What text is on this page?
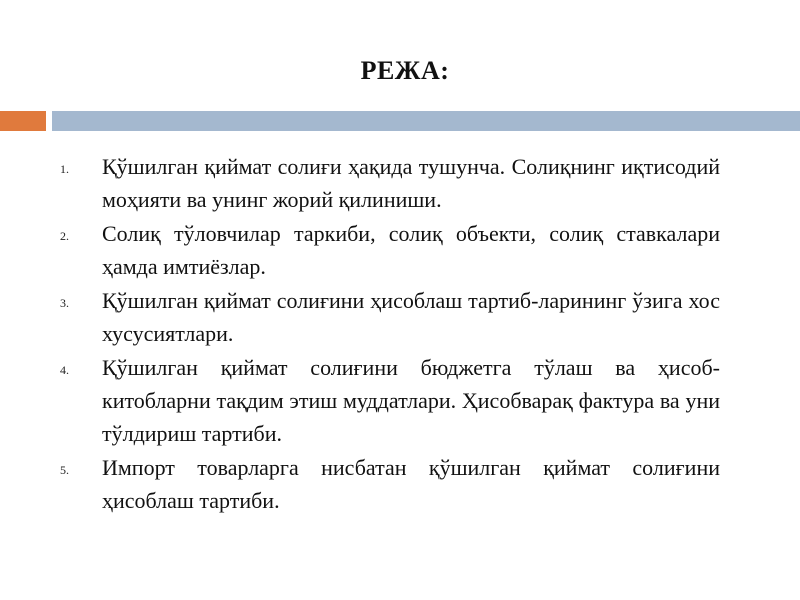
РЕЖА:
1. Қўшилган қиймат солиғи ҳақида тушунча. Солиқнинг иқтисодий моҳияти ва унинг жорий қилиниши.
2. Солиқ тўловчилар таркиби, солиқ объекти, солиқ ставкалари ҳамда имтиёзлар.
3. Қўшилган қиймат солиғини ҳисоблаш тартиб-ларининг ўзига хос хусусиятлари.
4. Қўшилган қиймат солиғини бюджетга тўлаш ва ҳисоб-китобларни тақдим этиш муддатлари. Ҳисобварақ фактура ва уни тўлдириш тартиби.
5. Импорт товарларга нисбатан қўшилган қиймат солиғини ҳисоблаш тартиби.
